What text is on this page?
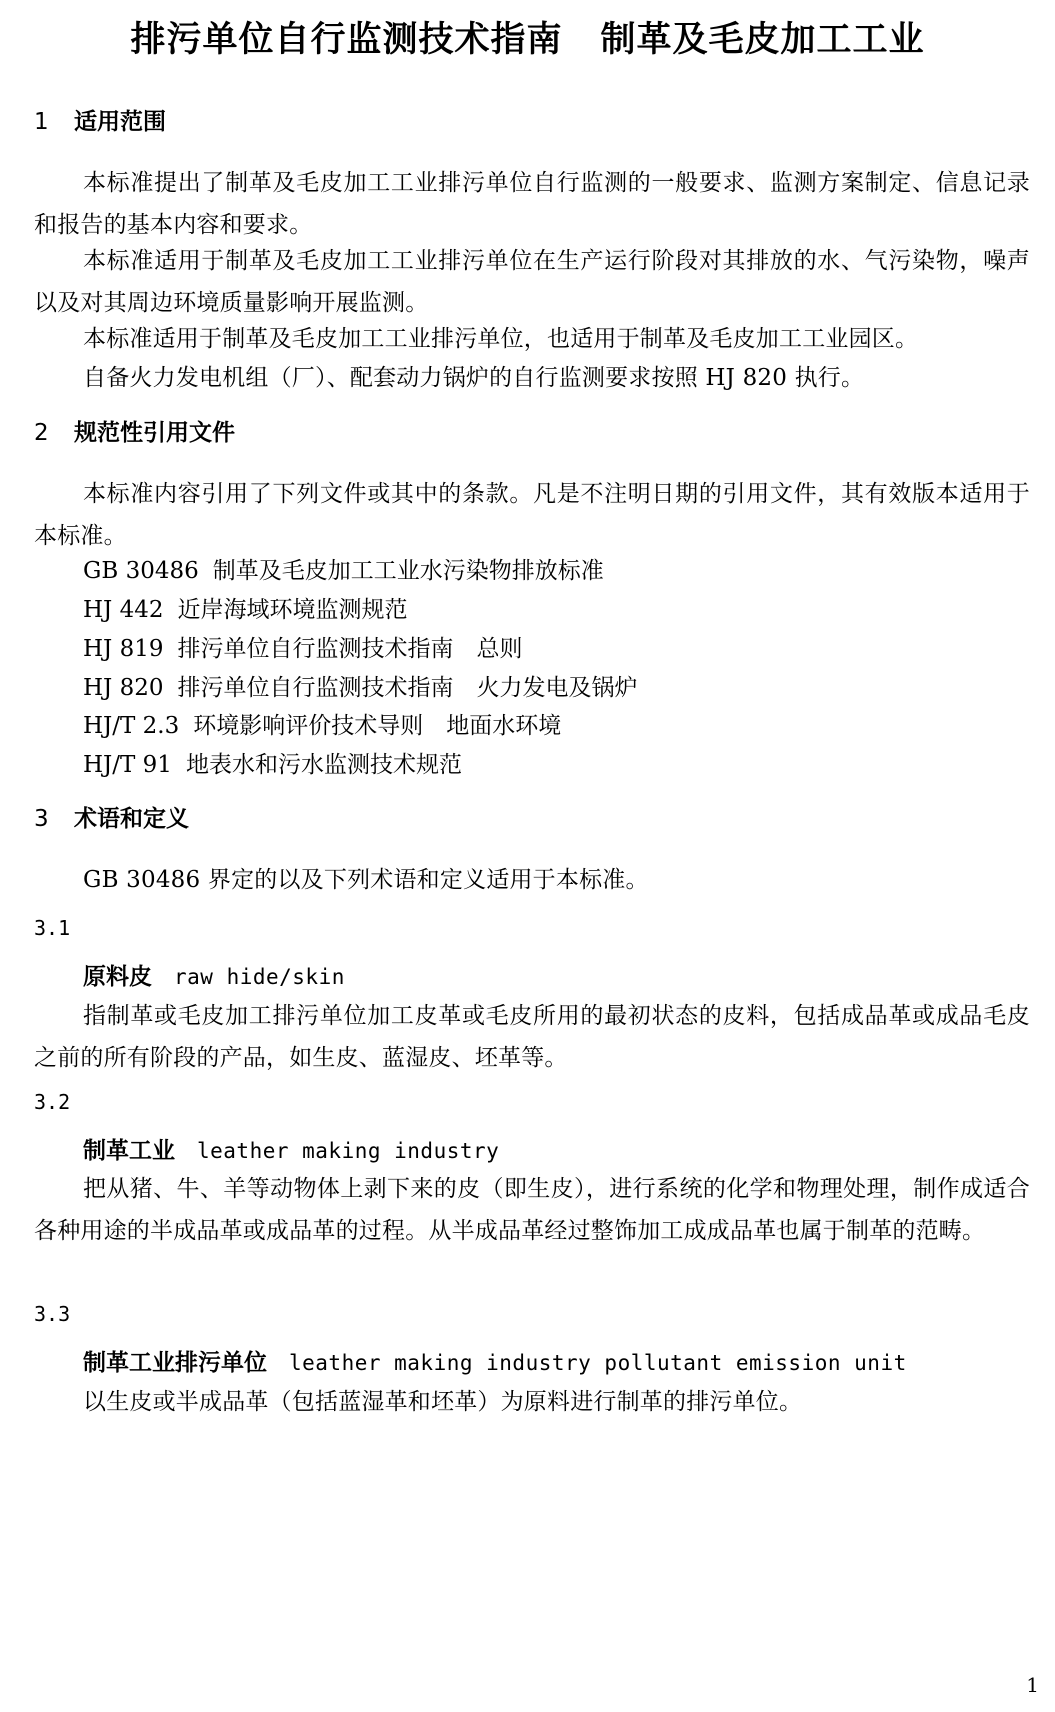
排污单位自行监测技术指南 制革及毛皮加工工业
1 适用范围
本标准提出了制革及毛皮加工工业排污单位自行监测的一般要求、监测方案制定、信息记录和报告的基本内容和要求。
本标准适用于制革及毛皮加工工业排污单位在生产运行阶段对其排放的水、气污染物，噪声以及对其周边环境质量影响开展监测。
本标准适用于制革及毛皮加工工业排污单位，也适用于制革及毛皮加工工业园区。
自备火力发电机组（厂）、配套动力锅炉的自行监测要求按照 HJ 820 执行。
2 规范性引用文件
本标准内容引用了下列文件或其中的条款。凡是不注明日期的引用文件，其有效版本适用于本标准。
GB 30486 制革及毛皮加工工业水污染物排放标准
HJ 442 近岸海域环境监测规范
HJ 819 排污单位自行监测技术指南　总则
HJ 820 排污单位自行监测技术指南　火力发电及锅炉
HJ/T 2.3 环境影响评价技术导则　地面水环境
HJ/T 91 地表水和污水监测技术规范
3 术语和定义
GB 30486 界定的以及下列术语和定义适用于本标准。
3.1
原料皮 raw hide/skin
指制革或毛皮加工排污单位加工皮革或毛皮所用的最初状态的皮料，包括成品革或成品毛皮之前的所有阶段的产品，如生皮、蓝湿皮、坯革等。
3.2
制革工业 leather making industry
把从猪、牛、羊等动物体上剥下来的皮（即生皮），进行系统的化学和物理处理，制作成适合各种用途的半成品革或成品革的过程。从半成品革经过整饰加工成成品革也属于制革的范畴。
3.3
制革工业排污单位 leather making industry pollutant emission unit
以生皮或半成品革（包括蓝湿革和坯革）为原料进行制革的排污单位。
1
